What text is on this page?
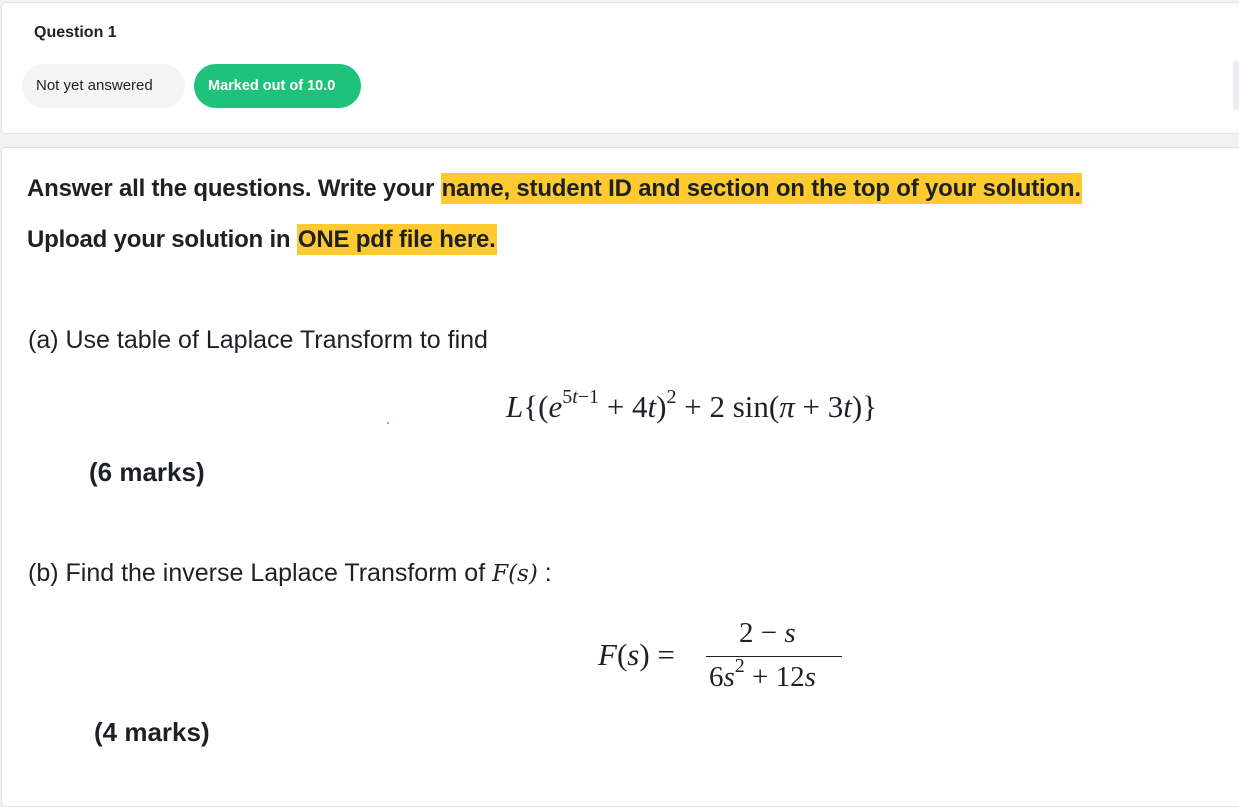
Question 1
Not yet answered	Marked out of 10.0
Answer all the questions. Write your name, student ID and section on the top of your solution.
Upload your solution in ONE pdf file here.
(a) Use table of Laplace Transform to find
$L\{(e^{5t-1} + 4t)^2 + 2$ sin(π + 3t)}
(6 marks)
(b) Find the inverse Laplace Transform of F(s) :
F(s) =
2 − s
$6s^2 + 12s$
(4 marks)
